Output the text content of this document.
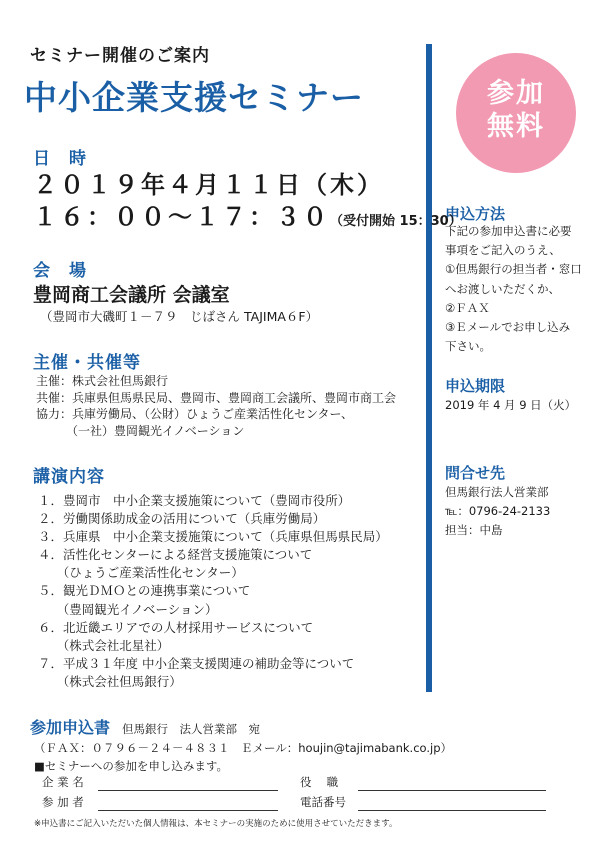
セミナー開催のご案内
中小企業支援セミナー	参加
無料
申込方法
下記の参加申込書に必要
事項をご記入のうえ、
①但馬銀行の担当者・窓口
へお渡しいただくか、
②ＦＡＸ
③Ｅメールでお申し込み
下さい。
申込期限
2019 年 4 月 9 日（火）
問合せ先
但馬銀行法人営業部
℡：0796-24-2133
担当：中島
日　時
２０１９年４月１１日（木）
１６：００～１７：３０（受付開始 15：30）
会　場
豊岡商工会議所 会議室
（豊岡市大磯町１－７９　じばさん TAJIMA６F）
主催・共催等
主催：株式会社但馬銀行
共催：兵庫県但馬県民局、豊岡市、豊岡商工会議所、豊岡市商工会
協力：兵庫労働局、（公財）ひょうご産業活性化センター、
　　　（一社）豊岡観光イノベーション
講演内容
１．豊岡市　中小企業支援施策について（豊岡市役所）
２．労働関係助成金の活用について（兵庫労働局）
３．兵庫県　中小企業支援施策について（兵庫県但馬県民局）
４．活性化センターによる経営支援施策について
　　（ひょうご産業活性化センター）
５．観光ＤＭＯとの連携事業について
　　（豊岡観光イノベーション）
６．北近畿エリアでの人材採用サービスについて
　　（株式会社北星社）
７．平成３１年度 中小企業支援関連の補助金等について
　　（株式会社但馬銀行）
参加申込書 但馬銀行　法人営業部　宛
（ＦＡＸ：０７９６－２４－４８３１　Ｅメール：houjin@tajimabank.co.jp）
■セミナーへの参加を申し込みます。
企 業 名	役　 職
参 加 者	電話番号
※申込書にご記入いただいた個人情報は、本セミナーの実施のために使用させていただきます。
